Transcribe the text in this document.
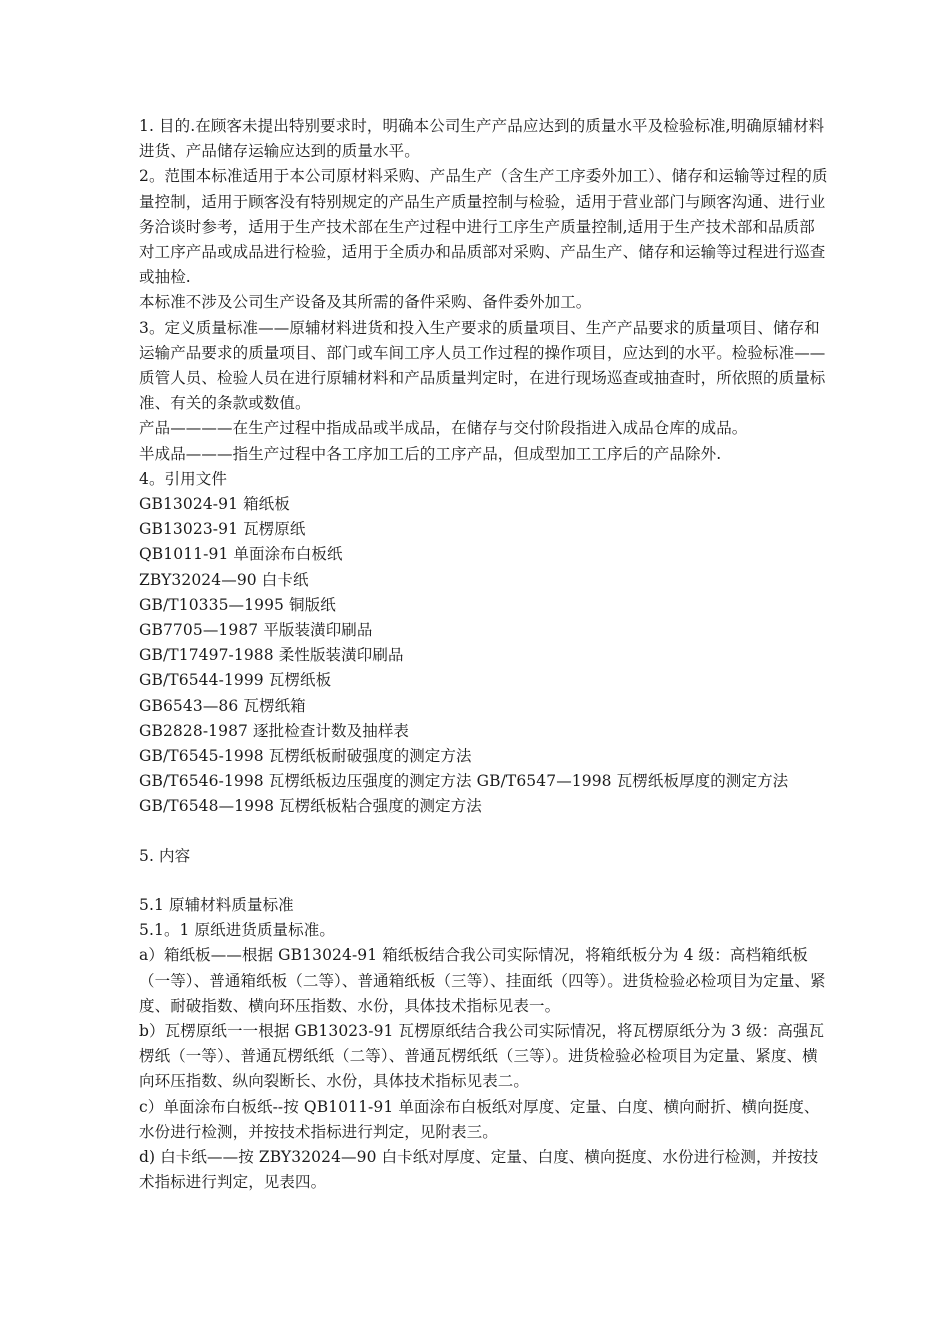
1. 目的.在顾客未提出特别要求时，明确本公司生产产品应达到的质量水平及检验标准,明确原辅材料进货、产品储存运输应达到的质量水平。

2。范围本标准适用于本公司原材料采购、产品生产（含生产工序委外加工）、储存和运输等过程的质量控制，适用于顾客没有特别规定的产品生产质量控制与检验，适用于营业部门与顾客沟通、进行业务洽谈时参考，适用于生产技术部在生产过程中进行工序生产质量控制,适用于生产技术部和品质部对工序产品或成品进行检验，适用于全质办和品质部对采购、产品生产、储存和运输等过程进行巡查或抽检.

本标准不涉及公司生产设备及其所需的备件采购、备件委外加工。

3。定义质量标准——原辅材料进货和投入生产要求的质量项目、生产产品要求的质量项目、储存和运输产品要求的质量项目、部门或车间工序人员工作过程的操作项目，应达到的水平。检验标准——质管人员、检验人员在进行原辅材料和产品质量判定时，在进行现场巡查或抽查时，所依照的质量标准、有关的条款或数值。

产品————在生产过程中指成品或半成品，在储存与交付阶段指进入成品仓库的成品。

半成品———指生产过程中各工序加工后的工序产品，但成型加工工序后的产品除外.

4。引用文件

GB13024-91 箱纸板

GB13023-91 瓦楞原纸

QB1011-91 单面涂布白板纸

ZBY32024—90 白卡纸

GB/T10335—1995 铜版纸

GB7705—1987 平版装潢印刷品

GB/T17497-1988 柔性版装潢印刷品

GB/T6544-1999 瓦楞纸板

GB6543—86 瓦楞纸箱

GB2828-1987 逐批检查计数及抽样表

GB/T6545-1998 瓦楞纸板耐破强度的测定方法

GB/T6546-1998 瓦楞纸板边压强度的测定方法 GB/T6547—1998 瓦楞纸板厚度的测定方法

GB/T6548—1998 瓦楞纸板粘合强度的测定方法

5. 内容

5.1 原辅材料质量标准

5.1。1 原纸进货质量标准。

a）箱纸板——根据 GB13024-91 箱纸板结合我公司实际情况，将箱纸板分为 4 级：高档箱纸板（一等）、普通箱纸板（二等）、普通箱纸板（三等）、挂面纸（四等）。进货检验必检项目为定量、紧度、耐破指数、横向环压指数、水份，具体技术指标见表一。

b）瓦楞原纸一一根据 GB13023-91 瓦楞原纸结合我公司实际情况，将瓦楞原纸分为 3 级：高强瓦楞纸（一等）、普通瓦楞纸纸（二等）、普通瓦楞纸纸（三等）。进货检验必检项目为定量、紧度、横向环压指数、纵向裂断长、水份，具体技术指标见表二。

c）单面涂布白板纸--按 QB1011-91 单面涂布白板纸对厚度、定量、白度、横向耐折、横向挺度、水份进行检测，并按技术指标进行判定，见附表三。

d) 白卡纸——按 ZBY32024—90 白卡纸对厚度、定量、白度、横向挺度、水份进行检测，并按技术指标进行判定，见表四。
